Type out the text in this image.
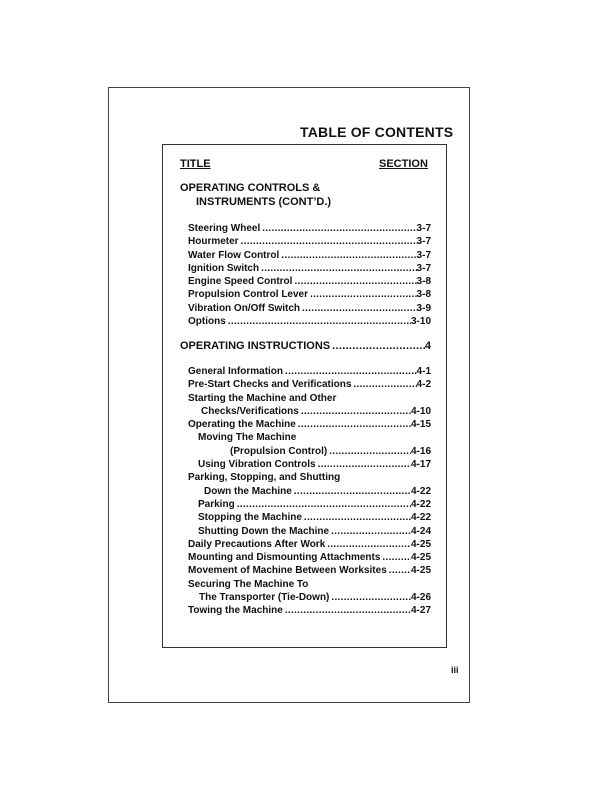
TABLE OF CONTENTS
TITLE	SECTION
OPERATING CONTROLS &
INSTRUMENTS (CONT’D.)
Steering Wheel .....	3-7
Hourmeter .....	3-7
Water Flow Control .....	3-7
Ignition Switch .....	3-7
Engine Speed Control .....	3-8
Propulsion Control Lever .....	3-8
Vibration On/Off Switch .....	3-9
Options .....	3-10
OPERATING INSTRUCTIONS .....	4
General Information .....	4-1
Pre-Start Checks and Verifications .....	4-2
Starting the Machine and Other
Checks/Verifications .....	4-10
Operating the Machine .....	4-15
Moving The Machine
(Propulsion Control) .....	4-16
Using Vibration Controls .....	4-17
Parking, Stopping, and Shutting
Down the Machine .....	4-22
Parking .....	4-22
Stopping the Machine .....	4-22
Shutting Down the Machine .....	4-24
Daily Precautions After Work .....	4-25
Mounting and Dismounting Attachments .....	4-25
Movement of Machine Between Worksites ..... 4-25
Securing The Machine To
The Transporter (Tie-Down) .....	4-26
Towing the Machine .....	4-27
iii
